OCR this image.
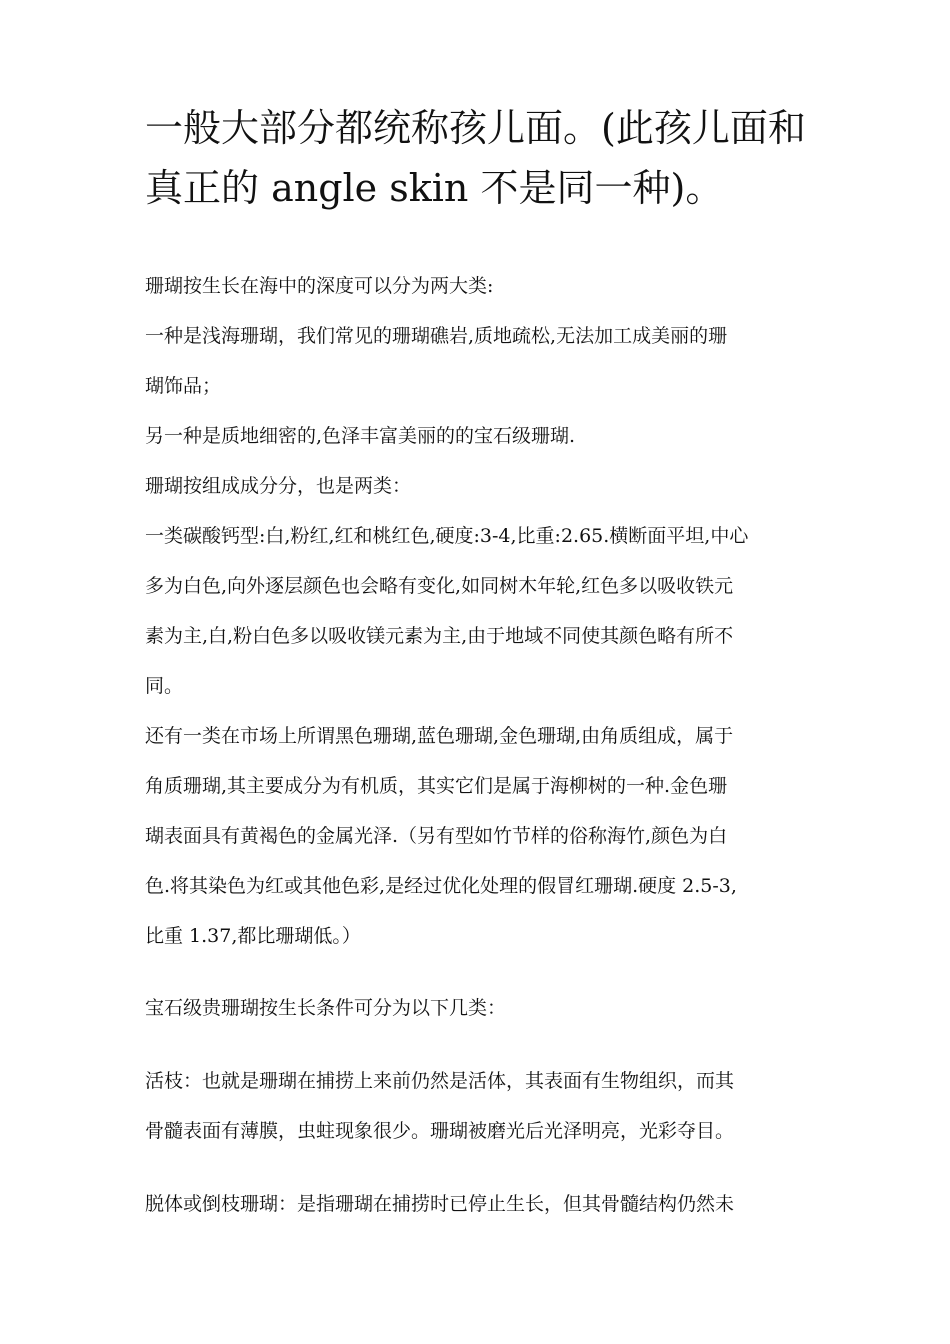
一般大部分都统称孩儿面。(此孩儿面和
真正的 angle skin 不是同一种)。

珊瑚按生长在海中的深度可以分为两大类:

一种是浅海珊瑚，我们常见的珊瑚礁岩,质地疏松,无法加工成美丽的珊

瑚饰品；

另一种是质地细密的,色泽丰富美丽的的宝石级珊瑚.

珊瑚按组成成分分，也是两类：

一类碳酸钙型:白,粉红,红和桃红色,硬度:3-4,比重:2.65.横断面平坦,中心

多为白色,向外逐层颜色也会略有变化,如同树木年轮,红色多以吸收铁元

素为主,白,粉白色多以吸收镁元素为主,由于地域不同使其颜色略有所不

同。

还有一类在市场上所谓黑色珊瑚,蓝色珊瑚,金色珊瑚,由角质组成，属于

角质珊瑚,其主要成分为有机质，其实它们是属于海柳树的一种.金色珊

瑚表面具有黄褐色的金属光泽.（另有型如竹节样的俗称海竹,颜色为白

色.将其染色为红或其他色彩,是经过优化处理的假冒红珊瑚.硬度 2.5-3,

比重 1.37,都比珊瑚低。）

宝石级贵珊瑚按生长条件可分为以下几类：

活枝：也就是珊瑚在捕捞上来前仍然是活体，其表面有生物组织，而其

骨髓表面有薄膜，虫蛀现象很少。珊瑚被磨光后光泽明亮，光彩夺目。

脱体或倒枝珊瑚：是指珊瑚在捕捞时已停止生长，但其骨髓结构仍然未
